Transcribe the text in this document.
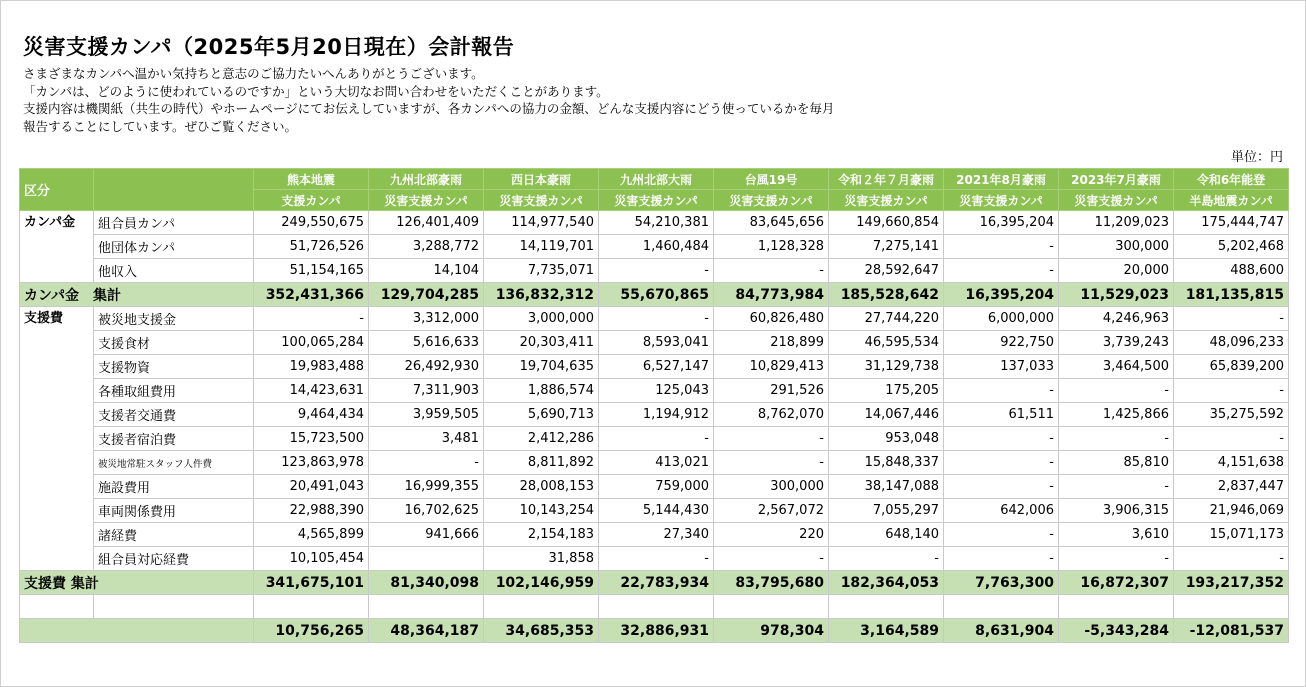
災害支援カンパ（2025年5月20日現在）会計報告
さまざまなカンパへ温かい気持ちと意志のご協力たいへんありがとうございます。
「カンパは、どのように使われているのですか」という大切なお問い合わせをいただくことがあります。
支援内容は機関紙（共生の時代）やホームページにてお伝えしていますが、各カンパへの協力の金額、どんな支援内容にどう使っているかを毎月
報告することにしています。ぜひご覧ください。
単位：円
区分		熊本地震	九州北部豪雨	西日本豪雨	九州北部大雨	台風19号	令和２年７月豪雨	2021年8月豪雨	2023年7月豪雨	令和6年能登
		支援カンパ	災害支援カンパ	災害支援カンパ	災害支援カンパ	災害支援カンパ	災害支援カンパ	災害支援カンパ	災害支援カンパ	半島地震カンパ
カンパ金	組合員カンパ	249,550,675	126,401,409	114,977,540	54,210,381	83,645,656	149,660,854	16,395,204	11,209,023	175,444,747
	他団体カンパ	51,726,526	3,288,772	14,119,701	1,460,484	1,128,328	7,275,141	-	300,000	5,202,468
	他収入	51,154,165	14,104	7,735,071	-	-	28,592,647	-	20,000	488,600
カンパ金　集計		352,431,366	129,704,285	136,832,312	55,670,865	84,773,984	185,528,642	16,395,204	11,529,023	181,135,815
支援費	被災地支援金	-	3,312,000	3,000,000	-	60,826,480	27,744,220	6,000,000	4,246,963	-
	支援食材	100,065,284	5,616,633	20,303,411	8,593,041	218,899	46,595,534	922,750	3,739,243	48,096,233
	支援物資	19,983,488	26,492,930	19,704,635	6,527,147	10,829,413	31,129,738	137,033	3,464,500	65,839,200
	各種取組費用	14,423,631	7,311,903	1,886,574	125,043	291,526	175,205	-	-	-
	支援者交通費	9,464,434	3,959,505	5,690,713	1,194,912	8,762,070	14,067,446	61,511	1,425,866	35,275,592
	支援者宿泊費	15,723,500	3,481	2,412,286	-	-	953,048	-	-	-
	被災地常駐スタッフ人件費	123,863,978	-	8,811,892	413,021	-	15,848,337	-	85,810	4,151,638
	施設費用	20,491,043	16,999,355	28,008,153	759,000	300,000	38,147,088	-	-	2,837,447
	車両関係費用	22,988,390	16,702,625	10,143,254	5,144,430	2,567,072	7,055,297	642,006	3,906,315	21,946,069
	諸経費	4,565,899	941,666	2,154,183	27,340	220	648,140	-	3,610	15,071,173
	組合員対応経費	10,105,454		31,858	-	-	-	-	-	-
支援費 集計		341,675,101	81,340,098	102,146,959	22,783,934	83,795,680	182,364,053	7,763,300	16,872,307	193,217,352

		10,756,265	48,364,187	34,685,353	32,886,931	978,304	3,164,589	8,631,904	-5,343,284	-12,081,537
